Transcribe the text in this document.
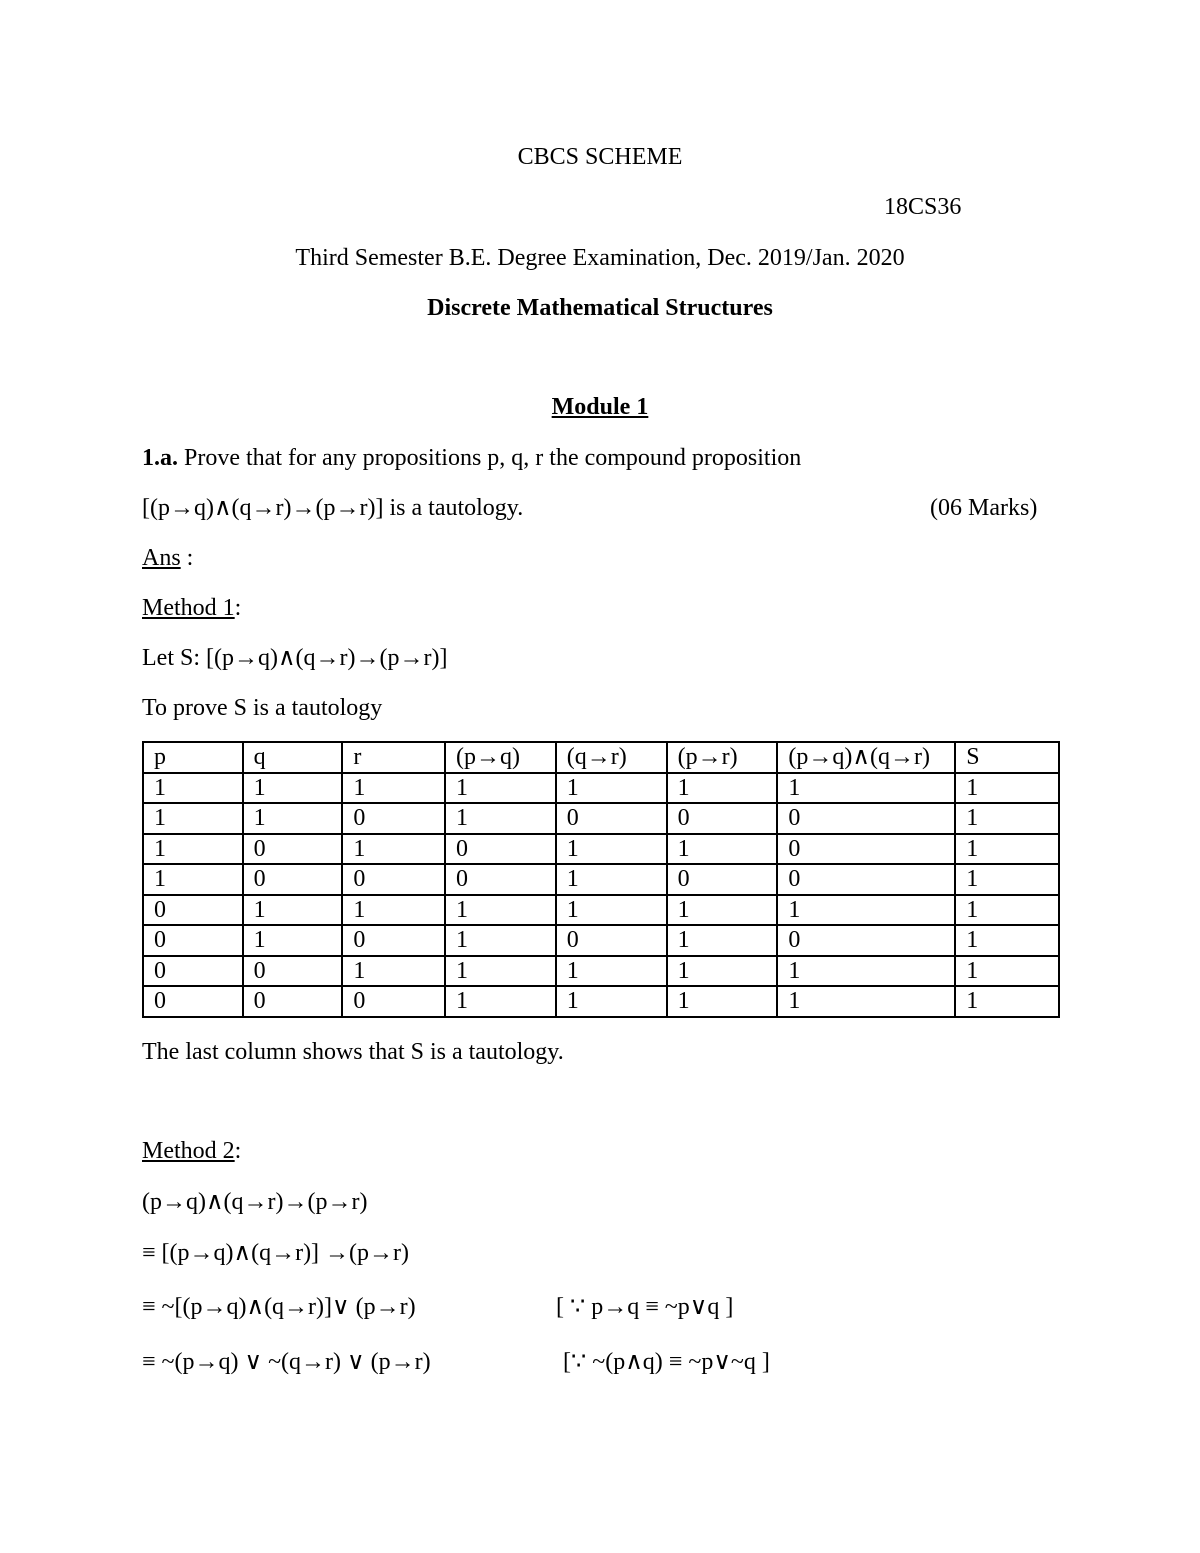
CBCS SCHEME
18CS36
Third Semester B.E. Degree Examination, Dec. 2019/Jan. 2020
Discrete Mathematical Structures
Module 1
1.a. Prove that for any propositions p, q, r the compound proposition
[(p→q)∧(q→r)→(p→r)] is a tautology.	(06 Marks)
Ans :
Method 1:
Let S: [(p→q)∧(q→r)→(p→r)]
To prove S is a tautology
p	q	r	(p→q)	(q→r)	(p→r)	(p→q)∧(q→r)	S
1	1	1	1	1	1	1	1
1	1	0	1	0	0	0	1
1	0	1	0	1	1	0	1
1	0	0	0	1	0	0	1
0	1	1	1	1	1	1	1
0	1	0	1	0	1	0	1
0	0	1	1	1	1	1	1
0	0	0	1	1	1	1	1
The last column shows that S is a tautology.
Method 2:
(p→q)∧(q→r)→(p→r)
≡ [(p→q)∧(q→r)] →(p→r)
≡ ~[(p→q)∧(q→r)]∨ (p→r)	[ ∵ p→q ≡ ~p∨q ]
≡ ~(p→q) ∨ ~(q→r) ∨ (p→r)	[∵ ~(p∧q) ≡ ~p∨~q ]
